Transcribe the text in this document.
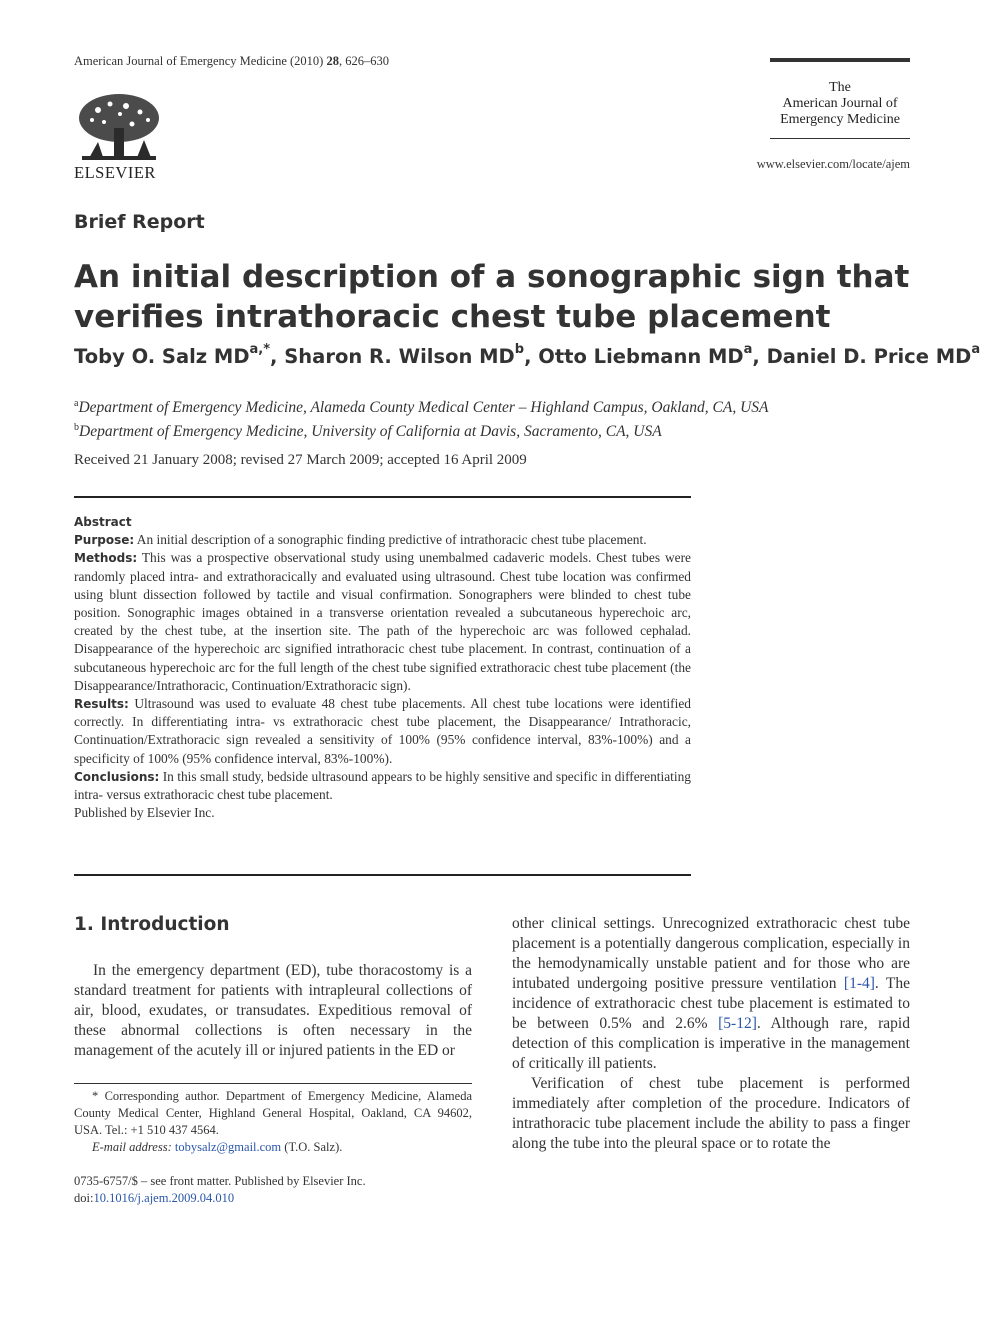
American Journal of Emergency Medicine (2010) 28, 626–630
ELSEVIER
The
American Journal of
Emergency Medicine
www.elsevier.com/locate/ajem
Brief Report
An initial description of a sonographic sign that verifies intrathoracic chest tube placement
Toby O. Salz $MD^{a,*}$, Sharon R. Wilson $MD^b$, Otto Liebmann $MD^a$, Daniel D. Price $MD^a$
$^a$Department of Emergency Medicine, Alameda County Medical Center – Highland Campus, Oakland, CA, USA
$^b$Department of Emergency Medicine, University of California at Davis, Sacramento, CA, USA
Received 21 January 2008; revised 27 March 2009; accepted 16 April 2009

Abstract

Purpose: An initial description of a sonographic finding predictive of intrathoracic chest tube placement.

Methods: This was a prospective observational study using unembalmed cadaveric models. Chest tubes were randomly placed intra- and extrathoracically and evaluated using ultrasound. Chest tube location was confirmed using blunt dissection followed by tactile and visual confirmation. Sonographers were blinded to chest tube position. Sonographic images obtained in a transverse orientation revealed a subcutaneous hyperechoic arc, created by the chest tube, at the insertion site. The path of the hyperechoic arc was followed cephalad. Disappearance of the hyperechoic arc signified intrathoracic chest tube placement. In contrast, continuation of a subcutaneous hyperechoic arc for the full length of the chest tube signified extrathoracic chest tube placement (the Disappearance/Intrathoracic, Continuation/Extrathoracic sign).

Results: Ultrasound was used to evaluate 48 chest tube placements. All chest tube locations were identified correctly. In differentiating intra- vs extrathoracic chest tube placement, the Disappearance/ Intrathoracic, Continuation/Extrathoracic sign revealed a sensitivity of 100% (95% confidence interval, 83%-100%) and a specificity of 100% (95% confidence interval, 83%-100%).

Conclusions: In this small study, bedside ultrasound appears to be highly sensitive and specific in differentiating intra- versus extrathoracic chest tube placement.

Published by Elsevier Inc.

1. Introduction

In the emergency department (ED), tube thoracostomy is a standard treatment for patients with intrapleural collections of air, blood, exudates, or transudates. Expeditious removal of these abnormal collections is often necessary in the management of the acutely ill or injured patients in the ED or

other clinical settings. Unrecognized extrathoracic chest tube placement is a potentially dangerous complication, especially in the hemodynamically unstable patient and for those who are intubated undergoing positive pressure ventilation [1-4]. The incidence of extrathoracic chest tube placement is estimated to be between 0.5% and 2.6% [5-12]. Although rare, rapid detection of this complication is imperative in the management of critically ill patients.

Verification of chest tube placement is performed immediately after completion of the procedure. Indicators of intrathoracic tube placement include the ability to pass a finger along the tube into the pleural space or to rotate the

* Corresponding author. Department of Emergency Medicine, Alameda County Medical Center, Highland General Hospital, Oakland, CA 94602, USA. Tel.: +1 510 437 4564.

E-mail address: tobysalz@gmail.com (T.O. Salz).

0735-6757/$ – see front matter. Published by Elsevier Inc.
doi:10.1016/j.ajem.2009.04.010
